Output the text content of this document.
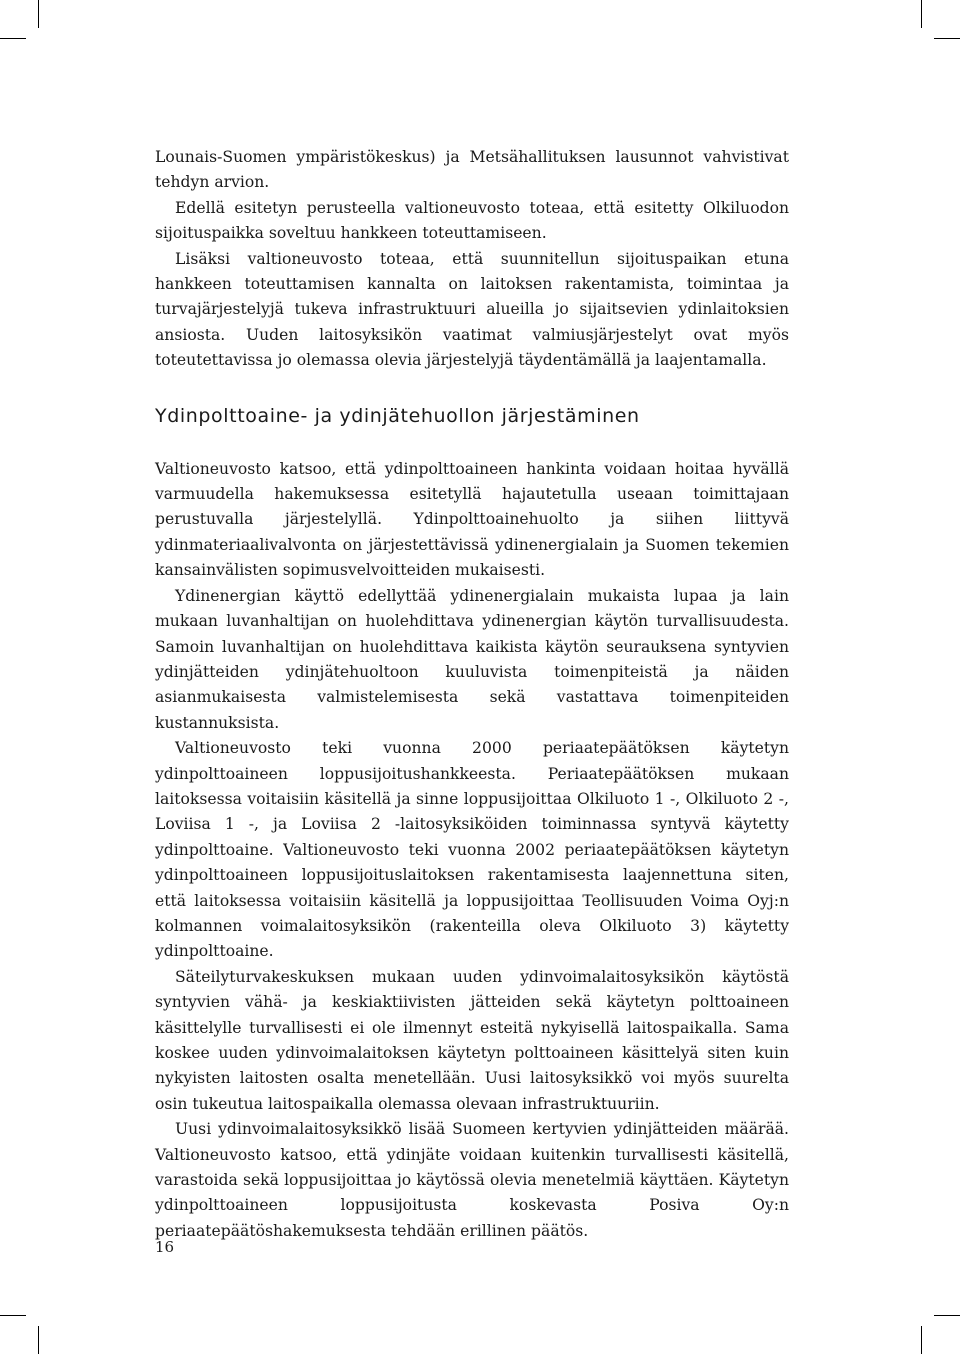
Lounais-Suomen ympäristökeskus) ja Metsähallituksen lausunnot vahvistivat tehdyn arvion.

Edellä esitetyn perusteella valtioneuvosto toteaa, että esitetty Olkiluodon sijoituspaikka soveltuu hankkeen toteuttamiseen.

Lisäksi valtioneuvosto toteaa, että suunnitellun sijoituspaikan etuna hankkeen toteuttamisen kannalta on laitoksen rakentamista, toimintaa ja turvajärjestelyjä tukeva infrastruktuuri alueilla jo sijaitsevien ydinlaitoksien ansiosta. Uuden laitosyksikön vaatimat valmiusjärjestelyt ovat myös toteutettavissa jo olemassa olevia järjestelyjä täydentämällä ja laajentamalla.

Ydinpolttoaine- ja ydinjätehuollon järjestäminen

Valtioneuvosto katsoo, että ydinpolttoaineen hankinta voidaan hoitaa hyvällä varmuudella hakemuksessa esitetyllä hajautetulla useaan toimittajaan perustuvalla järjestelyllä. Ydinpolttoainehuolto ja siihen liittyvä ydinmateriaalivalvonta on järjestettävissä ydinenergialain ja Suomen tekemien kansainvälisten sopimusvelvoitteiden mukaisesti.

Ydinenergian käyttö edellyttää ydinenergialain mukaista lupaa ja lain mukaan luvanhaltijan on huolehdittava ydinenergian käytön turvallisuudesta. Samoin luvanhaltijan on huolehdittava kaikista käytön seurauksena syntyvien ydinjätteiden ydinjätehuoltoon kuuluvista toimenpiteistä ja näiden asianmukaisesta valmistelemisesta sekä vastattava toimenpiteiden kustannuksista.

Valtioneuvosto teki vuonna 2000 periaatepäätöksen käytetyn ydinpolttoaineen loppusijoitushankkeesta. Periaatepäätöksen mukaan laitoksessa voitaisiin käsitellä ja sinne loppusijoittaa Olkiluoto 1 -, Olkiluoto 2 -, Loviisa 1 -, ja Loviisa 2 -laitosyksiköiden toiminnassa syntyvä käytetty ydinpolttoaine. Valtioneuvosto teki vuonna 2002 periaatepäätöksen käytetyn ydinpolttoaineen loppusijoituslaitoksen rakentamisesta laajennettuna siten, että laitoksessa voitaisiin käsitellä ja loppusijoittaa Teollisuuden Voima Oyj:n kolmannen voimalaitosyksikön (rakenteilla oleva Olkiluoto 3) käytetty ydinpolttoaine.

Säteilyturvakeskuksen mukaan uuden ydinvoimalaitosyksikön käytöstä syntyvien vähä- ja keskiaktiivisten jätteiden sekä käytetyn polttoaineen käsittelylle turvallisesti ei ole ilmennyt esteitä nykyisellä laitospaikalla. Sama koskee uuden ydinvoimalaitoksen käytetyn polttoaineen käsittelyä siten kuin nykyisten laitosten osalta menetellään. Uusi laitosyksikkö voi myös suurelta osin tukeutua laitospaikalla olemassa olevaan infrastruktuuriin.

Uusi ydinvoimalaitosyksikkö lisää Suomeen kertyvien ydinjätteiden määrää. Valtioneuvosto katsoo, että ydinjäte voidaan kuitenkin turvallisesti käsitellä, varastoida sekä loppusijoittaa jo käytössä olevia menetelmiä käyttäen. Käytetyn ydinpolttoaineen loppusijoitusta koskevasta Posiva Oy:n periaatepäätöshakemuksesta tehdään erillinen päätös.

16
